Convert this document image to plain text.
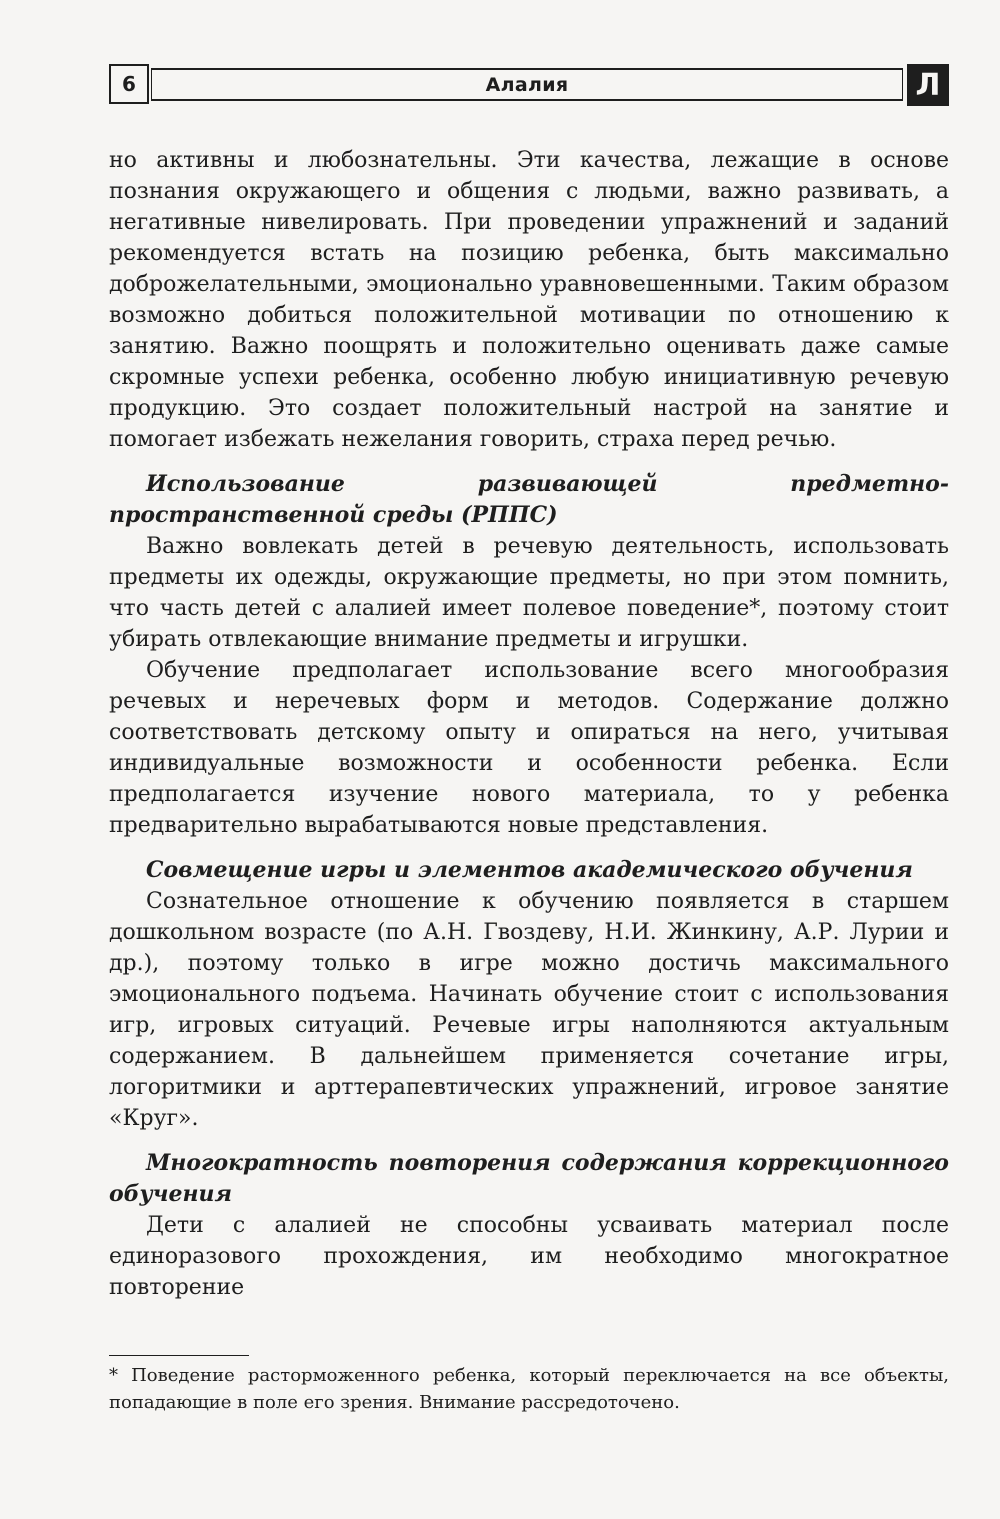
6	Алалия	Л

но активны и любознательны. Эти качества, лежащие в основе познания окружающего и общения с людьми, важно развивать, а негативные нивелировать. При проведении упражнений и заданий рекомендуется встать на позицию ребенка, быть максимально доброжелательными, эмоционально уравновешенными. Таким образом возможно добиться положительной мотивации по отношению к занятию. Важно поощрять и положительно оценивать даже самые скромные успехи ребенка, особенно любую инициативную речевую продукцию. Это создает положительный настрой на занятие и помогает избежать нежелания говорить, страха перед речью.

Использование развивающей предметно-пространственной среды (РППС)

Важно вовлекать детей в речевую деятельность, использовать предметы их одежды, окружающие предметы, но при этом помнить, что часть детей с алалией имеет полевое поведение*, поэтому стоит убирать отвлекающие внимание предметы и игрушки.

Обучение предполагает использование всего многообразия речевых и неречевых форм и методов. Содержание должно соответствовать детскому опыту и опираться на него, учитывая индивидуальные возможности и особенности ребенка. Если предполагается изучение нового материала, то у ребенка предварительно вырабатываются новые представления.

Совмещение игры и элементов академического обучения

Сознательное отношение к обучению появляется в старшем дошкольном возрасте (по А.Н. Гвоздеву, Н.И. Жинкину, А.Р. Лурии и др.), поэтому только в игре можно достичь максимального эмоционального подъема. Начинать обучение стоит с использования игр, игровых ситуаций. Речевые игры наполняются актуальным содержанием. В дальнейшем применяется сочетание игры, логоритмики и арттерапевтических упражнений, игровое занятие «Круг».

Многократность повторения содержания коррекционного обучения

Дети с алалией не способны усваивать материал после единоразового прохождения, им необходимо многократное повторение

* Поведение расторможенного ребенка, который переключается на все объекты, попадающие в поле его зрения. Внимание рассредоточено.
